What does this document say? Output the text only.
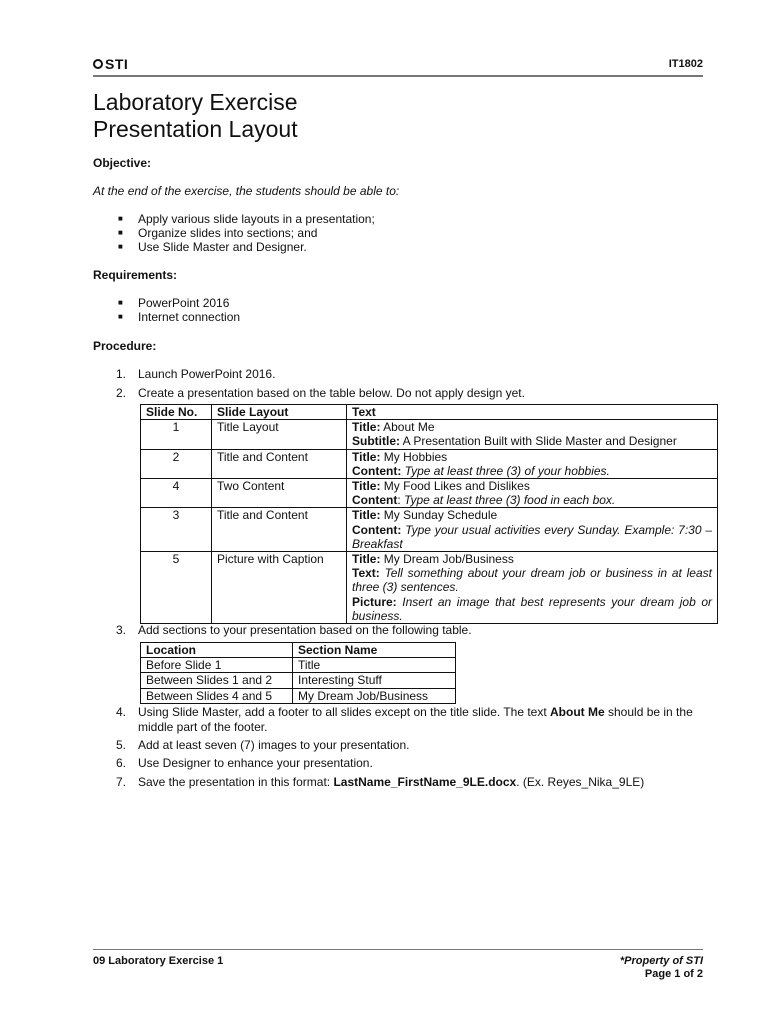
STI	IT1802
Laboratory Exercise
Presentation Layout
Objective:
At the end of the exercise, the students should be able to:
■	Apply various slide layouts in a presentation;
■	Organize slides into sections; and
■	Use Slide Master and Designer.
Requirements:
■	PowerPoint 2016
■	Internet connection
Procedure:
1. Launch PowerPoint 2016.
2. Create a presentation based on the table below. Do not apply design yet.
Slide No.	Slide Layout	Text
1	Title Layout	Title: About Me
Subtitle: A Presentation Built with Slide Master and Designer

2	Title and Content	Title: My Hobbies
Content: Type at least three (3) of your hobbies.

4	Two Content	Title: My Food Likes and Dislikes
Content: Type at least three (3) food in each box.

3	Title and Content	Title: My Sunday Schedule
Content: Type your usual activities every Sunday. Example: 7:30 – Breakfast

5	Picture with Caption	Title: My Dream Job/Business
Text: Tell something about your dream job or business in at least three (3) sentences.
Picture: Insert an image that best represents your dream job or business.
3. Add sections to your presentation based on the following table.
Location	Section Name
Before Slide 1	Title
Between Slides 1 and 2	Interesting Stuff
Between Slides 4 and 5	My Dream Job/Business
4. Using Slide Master, add a footer to all slides except on the title slide. The text About Me should be in the middle part of the footer.
5. Add at least seven (7) images to your presentation.
6. Use Designer to enhance your presentation.
7. Save the presentation in this format: LastName_FirstName_9LE.docx. (Ex. Reyes_Nika_9LE)
09 Laboratory Exercise 1	*Property of STI
Page 1 of 2
